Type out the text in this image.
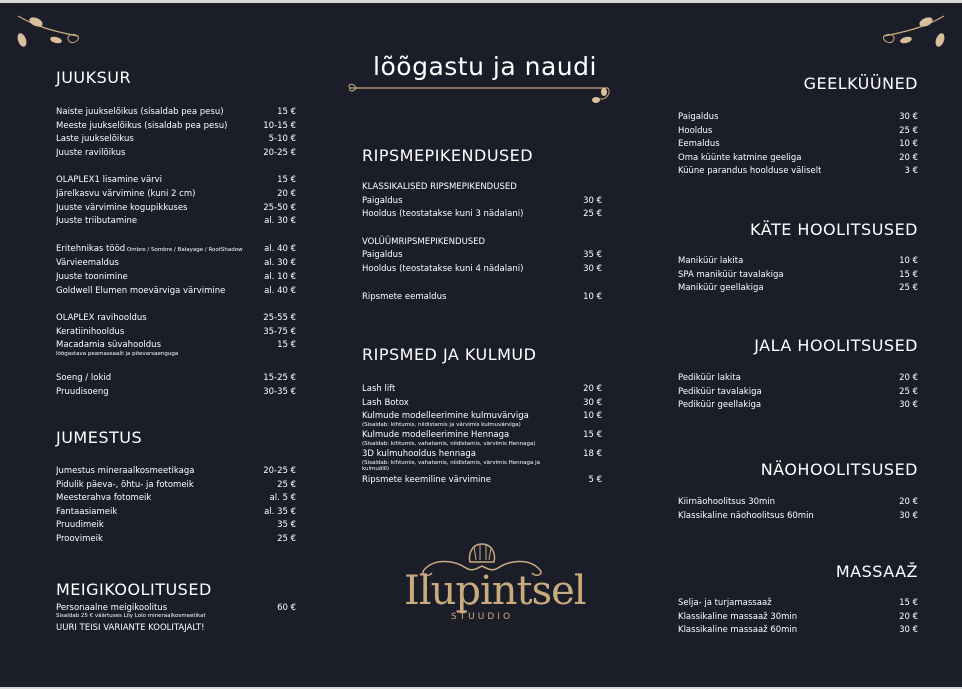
lõõgastu ja naudi
JUUKSUR
Naiste juukselõikus (sisaldab pea pesu)	15 €
Meeste juukselõikus (sisaldab pea pesu)	10-15 €
Laste juukselõikus	5-10 €
Juuste ravilõikus	20-25 €
OLAPLEX1 lisamine värvi	15 €
Järelkasvu värvimine (kuni 2 cm)	20 €
Juuste värvimine kogupikkuses	25-50 €
Juuste triibutamine	al. 30 €
Eritehnikas tööd Ombre / Sombre / Balayage / RootShadow	al. 40 €
Värvieemaldus	al. 30 €
Juuste toonimine	al. 10 €
Goldwell Elumen moevärviga värvimine	al. 40 €
OLAPLEX ravihooldus	25-55 €
Keratiinihooldus	35-75 €
Macadamia süvahooldus	15 €
lõõgastava peamassaaži ja põevarsaenguga
Soeng / lokid	15-25 €
Pruudisoeng	30-35 €
JUMESTUS
Jumestus mineraalkosmeetikaga	20-25 €
Pidulik päeva-, õhtu- ja fotomeik	25 €
Meesterahva fotomeik	al. 5 €
Fantaasiameik	al. 35 €
Pruudimeik	35 €
Proovimeik	25 €
MEIGIKOOLITUSED
Personaalne meigikoolitus	60 €
Sisaldab 25 € väärtuses Lily Lolo mineraalkosmeetikat
UURI TEISI VARIANTE KOOLITAJALT!
RIPSMEPIKENDUSED
KLASSIKALISED RIPSMEPIKENDUSED
Paigaldus	30 €
Hooldus (teostatakse kuni 3 nädalani)	25 €
VOLÜÜMRIPSMEPIKENDUSED
Paigaldus	35 €
Hooldus (teostatakse kuni 4 nädalani)	30 €
Ripsmete eemaldus	10 €
RIPSMED JA KULMUD
Lash lift	20 €
Lash Botox	30 €
Kulmude modelleerimine kulmuvärviga	10 €
(Sisaldab: kihtumis, niidistamis ja värvimis kulmuvärviga)
Kulmude modelleerimine Hennaga	15 €
(Sisaldab: kihtumis, vahatamis, niidistamis, värvimis Hennaga)
3D kulmuhooldus hennaga	18 €
(Sisaldab: kihtumis, vahatamis, niidistamis, värvimis Hennaga ja kulmuõlil)
Ripsmete keemiline värvimine	5 €
Ilupintsel
STUUDIO
GEELKÜÜNED
Paigaldus	30 €
Hooldus	25 €
Eemaldus	10 €
Oma küünte katmine geeliga	20 €
Küüne parandus hoolduse väliselt	3 €
KÄTE HOOLITSUSED
Maniküür lakita	10 €
SPA maniküür tavalakiga	15 €
Maniküür geellakiga	25 €
JALA HOOLITSUSED
Pediküür lakita	20 €
Pediküür tavalakiga	25 €
Pediküür geellakiga	30 €
NÄOHOOLITSUSED
Kiirnäohoolitsus 30min	20 €
Klassikaline näohoolitsus 60min	30 €
MASSAAŽ
Selja- ja turjamassaaž	15 €
Klassikaline massaaž 30min	20 €
Klassikaline massaaž 60min	30 €
